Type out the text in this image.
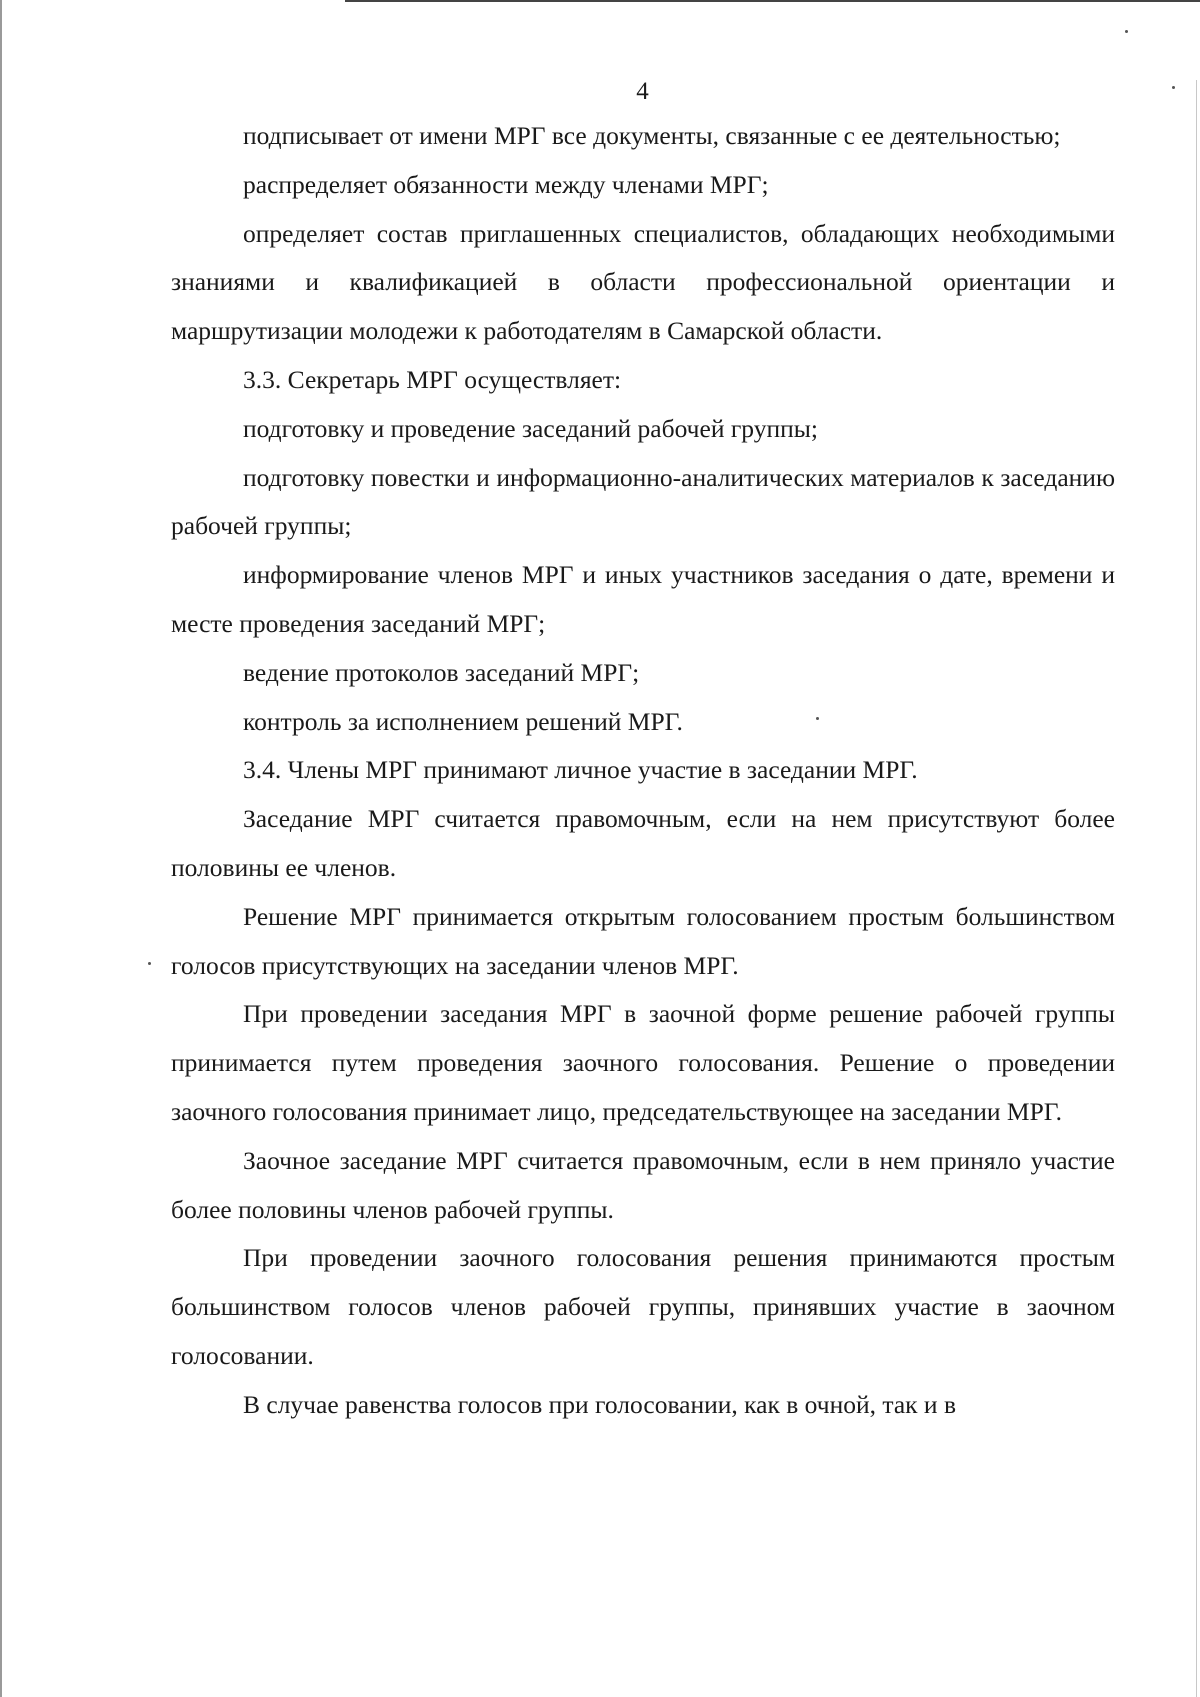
4

подписывает от имени МРГ все документы, связанные с ее деятельностью;

распределяет обязанности между членами МРГ;

определяет состав приглашенных специалистов, обладающих необходимыми знаниями и квалификацией в области профессиональной ориентации и маршрутизации молодежи к работодателям в Самарской области.

3.3. Секретарь МРГ осуществляет:

подготовку и проведение заседаний рабочей группы;

подготовку повестки и информационно-аналитических материалов к заседанию рабочей группы;

информирование членов МРГ и иных участников заседания о дате, времени и месте проведения заседаний МРГ;

ведение протоколов заседаний МРГ;

контроль за исполнением решений МРГ.

3.4. Члены МРГ принимают личное участие в заседании МРГ.

Заседание МРГ считается правомочным, если на нем присутствуют более половины ее членов.

Решение МРГ принимается открытым голосованием простым большинством голосов присутствующих на заседании членов МРГ.

При проведении заседания МРГ в заочной форме решение рабочей группы принимается путем проведения заочного голосования. Решение о проведении заочного голосования принимает лицо, председательствующее на заседании МРГ.

Заочное заседание МРГ считается правомочным, если в нем приняло участие более половины членов рабочей группы.

При проведении заочного голосования решения принимаются простым большинством голосов членов рабочей группы, принявших участие в заочном голосовании.

В случае равенства голосов при голосовании, как в очной, так и в
